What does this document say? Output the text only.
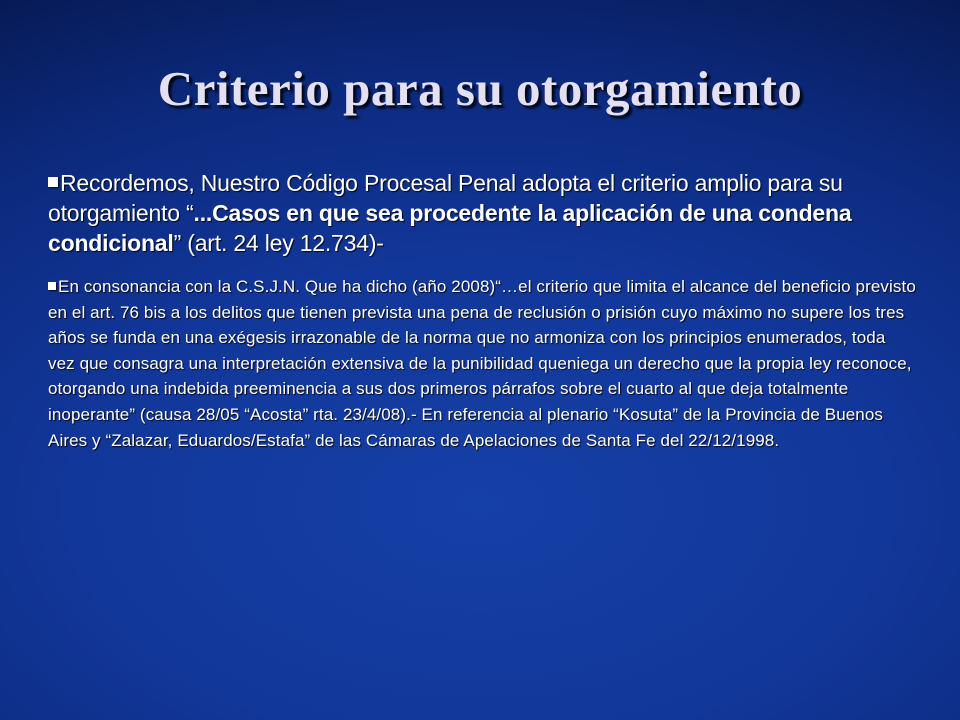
Criterio para su otorgamiento

Recordemos, Nuestro Código Procesal Penal adopta el criterio amplio para su otorgamiento “...Casos en que sea procedente la aplicación de una condena condicional” (art. 24 ley 12.734)-

En consonancia con la C.S.J.N. Que ha dicho (año 2008)“…el criterio que limita el alcance del beneficio previsto en el art. 76 bis a los delitos que tienen prevista una pena de reclusión o prisión cuyo máximo no supere los tres años se funda en una exégesis irrazonable de la norma que no armoniza con los principios enumerados, toda vez que consagra una interpretación extensiva de la punibilidad queniega un derecho que la propia ley reconoce, otorgando una indebida preeminencia a sus dos primeros párrafos sobre el cuarto al que deja totalmente inoperante” (causa 28/05 “Acosta” rta. 23/4/08).- En referencia al plenario “Kosuta” de la Provincia de Buenos Aires y “Zalazar, Eduardos/Estafa” de las Cámaras de Apelaciones de Santa Fe del 22/12/1998.
